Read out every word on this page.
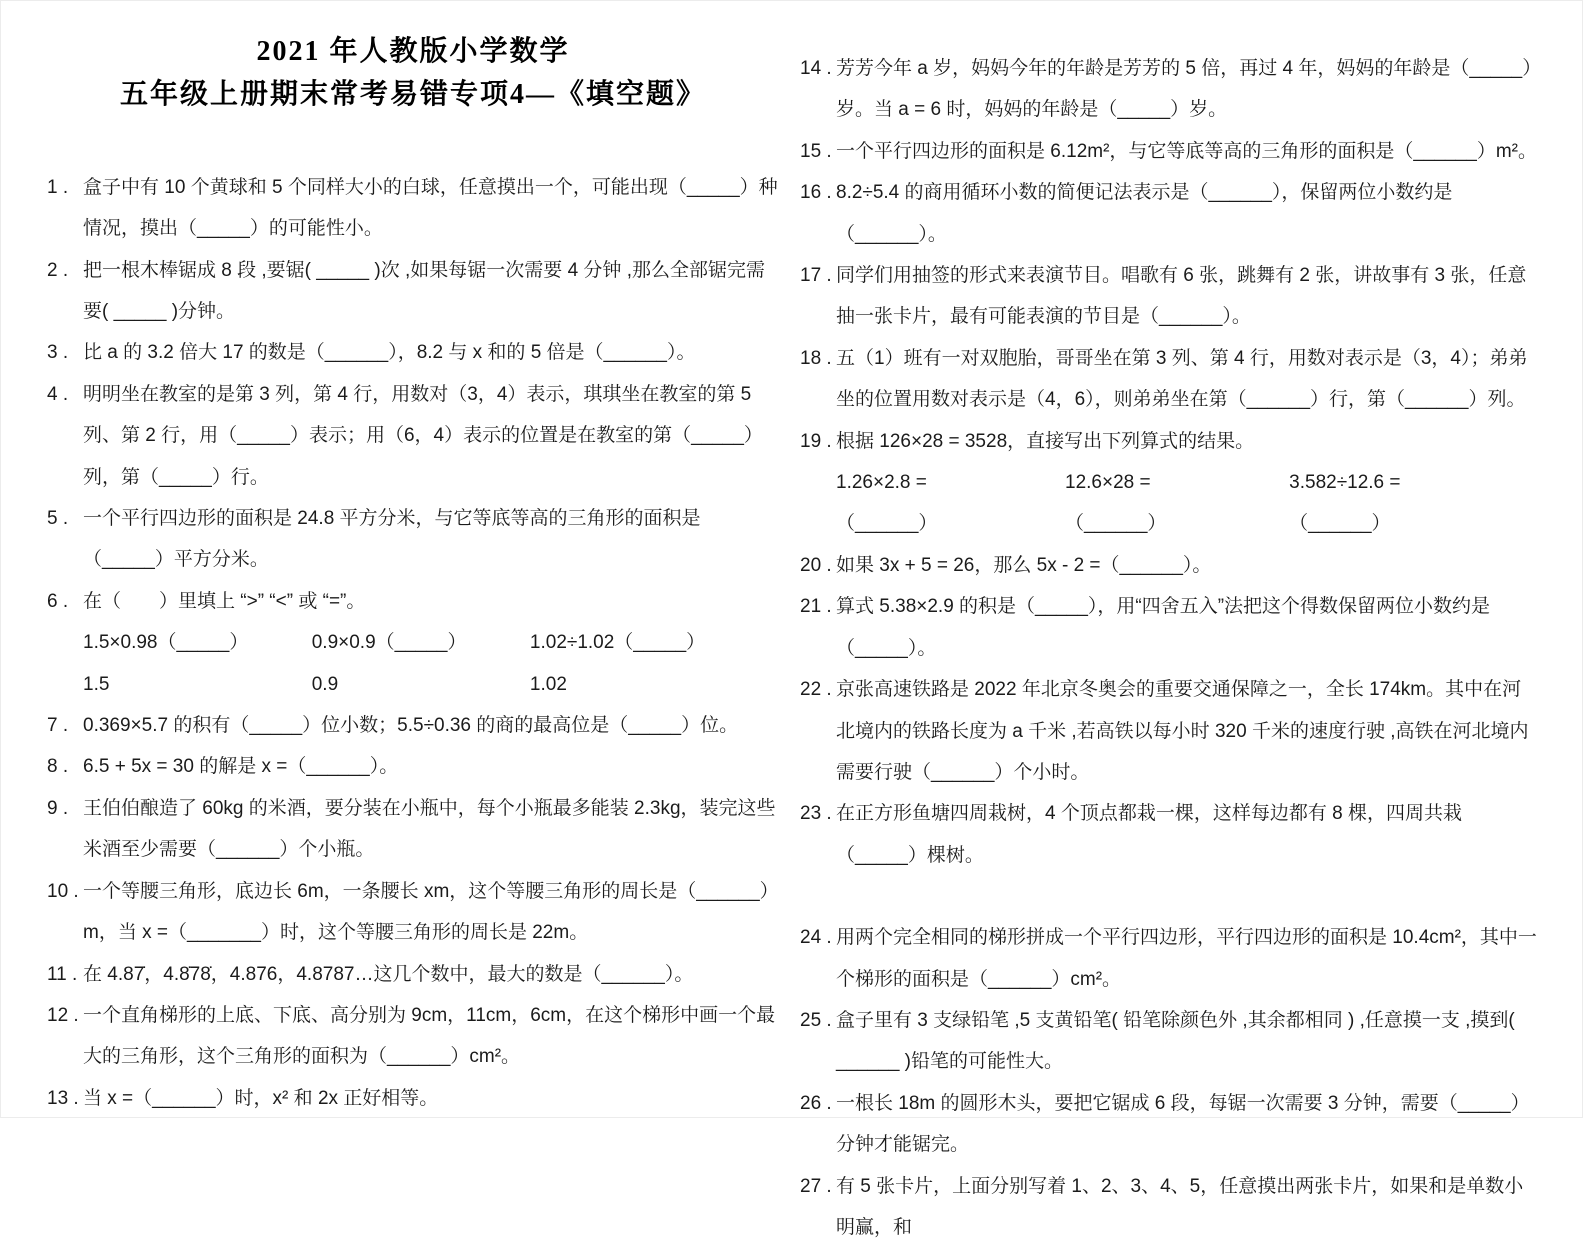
2021 年人教版小学数学
五年级上册期末常考易错专项4—《填空题》

1 . 盒子中有 10 个黄球和 5 个同样大小的白球，任意摸出一个，可能出现（_____）种情况，摸出（_____）的可能性小。

2 . 把一根木棒锯成 8 段 ,要锯( _____ )次 ,如果每锯一次需要 4 分钟 ,那么全部锯完需要( _____ )分钟。

3 . 比 a 的 3.2 倍大 17 的数是（______），8.2 与 x 和的 5 倍是（______）。

4 . 明明坐在教室的是第 3 列，第 4 行，用数对（3，4）表示，琪琪坐在教室的第 5 列、第 2 行，用（_____）表示；用（6，4）表示的位置是在教室的第（_____）列，第（_____）行。

5 . 一个平行四边形的面积是 24.8 平方分米，与它等底等高的三角形的面积是（_____）平方分米。

6 . 在（　　）里填上 “>” “<” 或 “=”。

1.5×0.98（_____）1.5
0.9×0.9（_____）0.9
1.02÷1.02（_____）1.02

7 . 0.369×5.7 的积有（_____）位小数；5.5÷0.36 的商的最高位是（_____）位。

8 . 6.5 + 5x = 30 的解是 x =（______）。

9 . 王伯伯酿造了 60kg 的米酒，要分装在小瓶中，每个小瓶最多能装 2.3kg，装完这些米酒至少需要（______）个小瓶。

10 . 一个等腰三角形，底边长 6m，一条腰长 xm，这个等腰三角形的周长是（______）m，当 x =（_______）时，这个等腰三角形的周长是 22m。

11 . 在 4.87̇，4.8̇78̇，4.876，4.8787…这几个数中，最大的数是（______）。

12 . 一个直角梯形的上底、下底、高分别为 9cm，11cm，6cm，在这个梯形中画一个最大的三角形，这个三角形的面积为（______）cm²。

13 . 当 x =（______）时，x² 和 2x 正好相等。

14 . 芳芳今年 a 岁，妈妈今年的年龄是芳芳的 5 倍，再过 4 年，妈妈的年龄是（_____）岁。当 a = 6 时，妈妈的年龄是（_____）岁。

15 . 一个平行四边形的面积是 6.12m²，与它等底等高的三角形的面积是（______）m²。

16 . 8.2÷5.4 的商用循环小数的简便记法表示是（______），保留两位小数约是（______）。

17 . 同学们用抽签的形式来表演节目。唱歌有 6 张，跳舞有 2 张，讲故事有 3 张，任意抽一张卡片，最有可能表演的节目是（______）。

18 . 五（1）班有一对双胞胎，哥哥坐在第 3 列、第 4 行，用数对表示是（3，4）；弟弟坐的位置用数对表示是（4，6），则弟弟坐在第（______）行，第（______）列。

19 . 根据 126×28 = 3528，直接写出下列算式的结果。

1.26×2.8 =（______）
12.6×28 =（______）
3.582÷12.6 =（______）

20 . 如果 3x + 5 = 26，那么 5x - 2 =（______）。

21 . 算式 5.38×2.9 的积是（_____），用“四舍五入”法把这个得数保留两位小数约是（_____）。

22 . 京张高速铁路是 2022 年北京冬奥会的重要交通保障之一，全长 174km。其中在河北境内的铁路长度为 a 千米 ,若高铁以每小时 320 千米的速度行驶 ,高铁在河北境内需要行驶（______）个小时。

23 . 在正方形鱼塘四周栽树，4 个顶点都栽一棵，这样每边都有 8 棵，四周共栽（_____）棵树。

24 . 用两个完全相同的梯形拼成一个平行四边形，平行四边形的面积是 10.4cm²，其中一个梯形的面积是（______）cm²。

25 . 盒子里有 3 支绿铅笔 ,5 支黄铅笔( 铅笔除颜色外 ,其余都相同 ) ,任意摸一支 ,摸到( ______ )铅笔的可能性大。

26 . 一根长 18m 的圆形木头，要把它锯成 6 段，每锯一次需要 3 分钟，需要（_____）分钟才能锯完。

27 . 有 5 张卡片，上面分别写着 1、2、3、4、5，任意摸出两张卡片，如果和是单数小明赢，和
